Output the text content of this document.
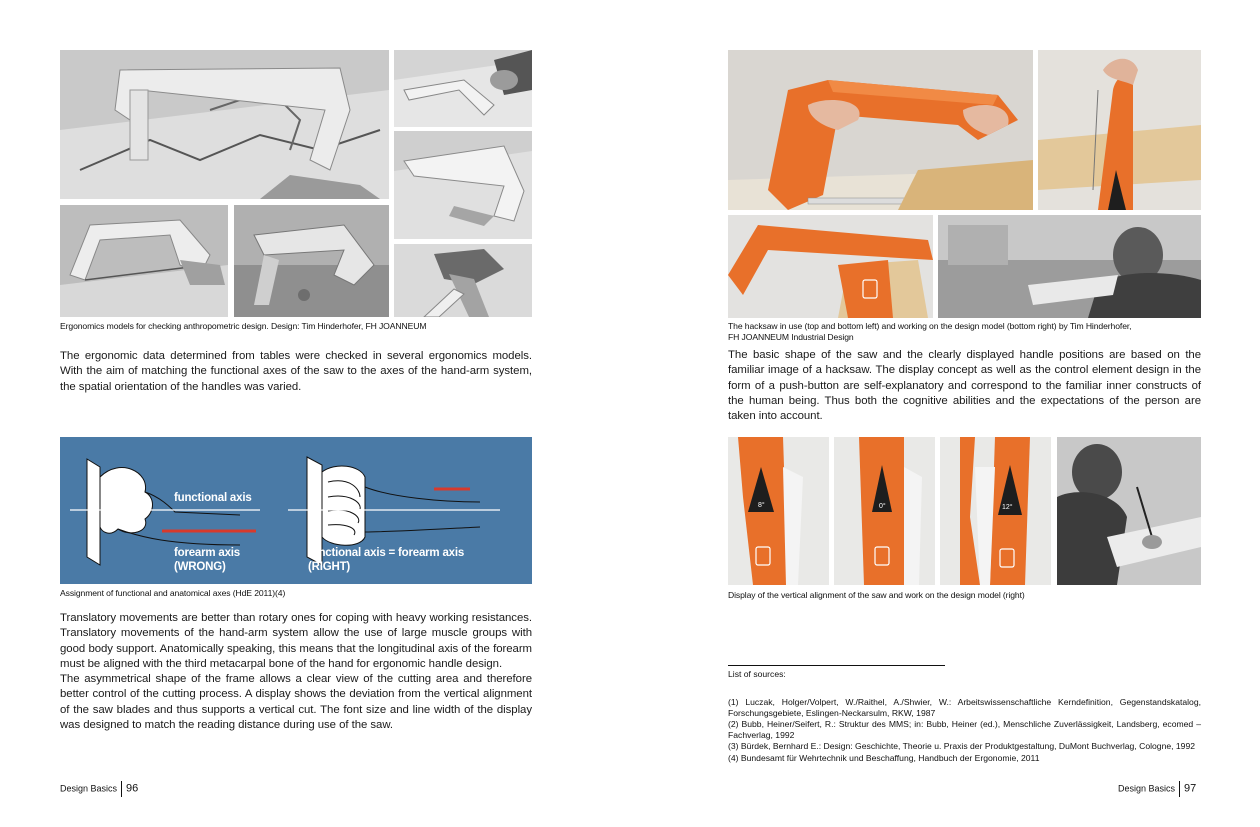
Ergonomics models for checking anthropometric design. Design: Tim Hinderhofer, FH JOANNEUM

The ergonomic data determined from tables were checked in several ergonomics models. With the aim of matching the functional axes of the saw to the axes of the hand-arm system, the spatial orientation of the handles was varied.

functional axis
forearm axis
(WRONG)
functional axis = forearm axis
(RIGHT)
Assignment of functional and anatomical axes (HdE 2011)(4)

Translatory movements are better than rotary ones for coping with heavy working resistances. Translatory movements of the hand-arm system allow the use of large muscle groups with good body support. Anatomically speaking, this means that the longitudinal axis of the forearm must be aligned with the third metacarpal bone of the hand for ergonomic handle design.

The asymmetrical shape of the frame allows a clear view of the cutting area and therefore better control of the cutting process. A display shows the deviation from the vertical alignment of the saw blades and thus supports a vertical cut. The font size and line width of the display was designed to match the reading distance during use of the saw.

Design Basics 96
The hacksaw in use (top and bottom left) and working on the design model (bottom right) by Tim Hinderhofer,
FH JOANNEUM Industrial Design

The basic shape of the saw and the clearly displayed handle positions are based on the familiar image of a hacksaw. The display concept as well as the control element design in the form of a push-button are self-explanatory and correspond to the familiar inner constructs of the human being. Thus both the cognitive abilities and the expectations of the person are taken into account.

8°	0°	12°
Display of the vertical alignment of the saw and work on the design model (right)
List of sources:
(1) Luczak, Holger/Volpert, W./Raithel, A./Shwier, W.: Arbeitswissenschaftliche Kerndefinition, Gegenstandskatalog, Forschungsgebiete, Eslingen-Neckarsulm, RKW, 1987
(2) Bubb, Heiner/Seifert, R.: Struktur des MMS; in: Bubb, Heiner (ed.), Menschliche Zuverlässigkeit, Landsberg, ecomed – Fachverlag, 1992
(3) Bürdek, Bernhard E.: Design: Geschichte, Theorie u. Praxis der Produktgestaltung, DuMont Buchverlag, Cologne, 1992
(4) Bundesamt für Wehrtechnik und Beschaffung, Handbuch der Ergonomie, 2011
Design Basics 97
